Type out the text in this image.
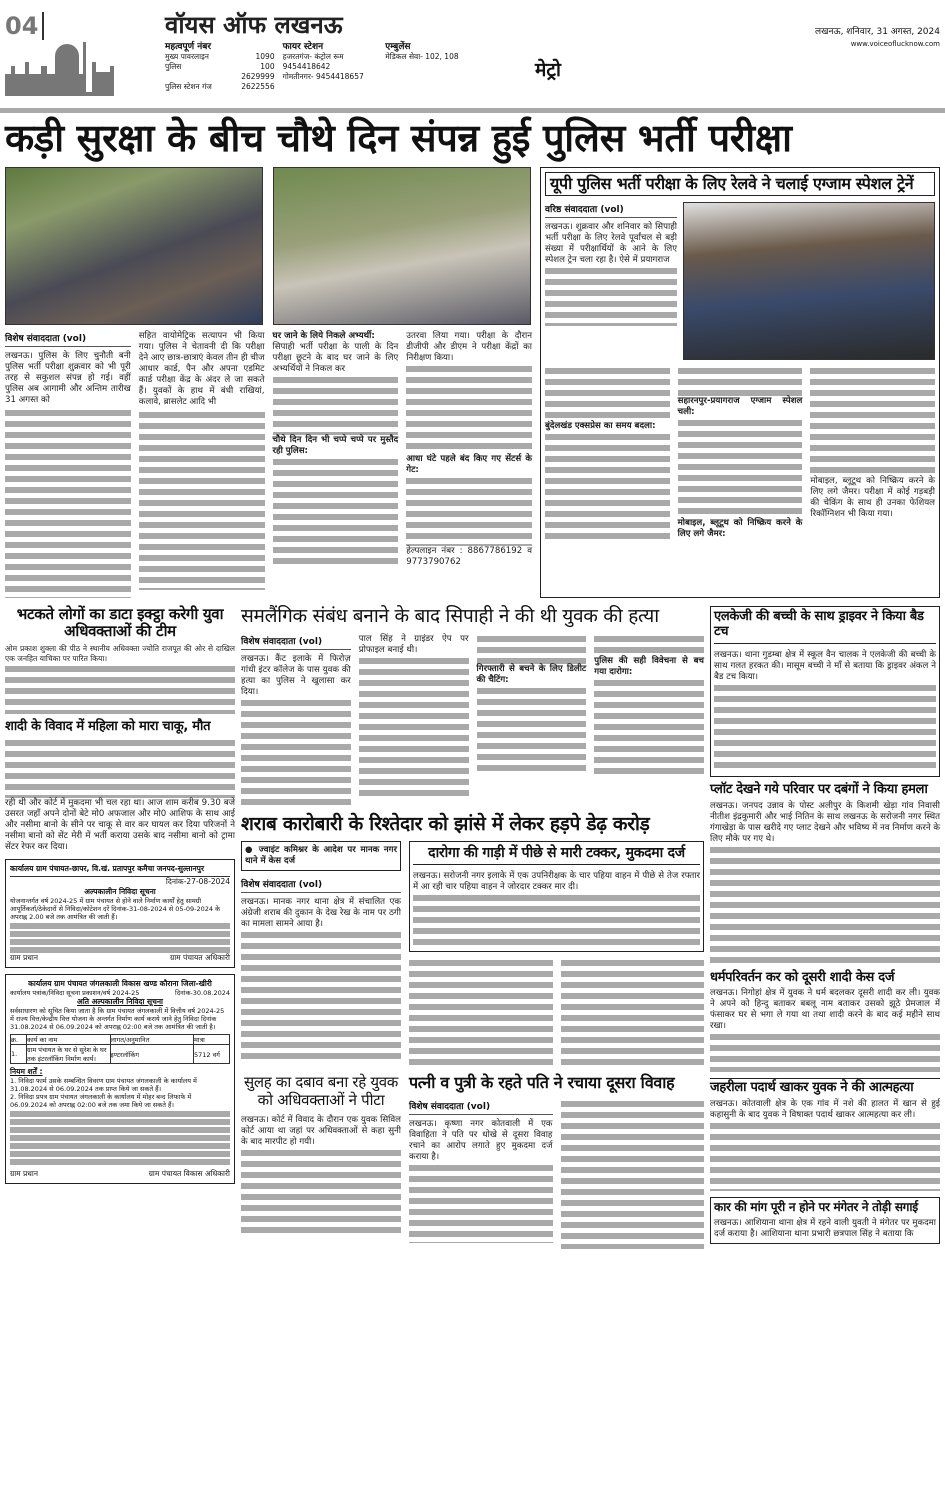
04	वॉयस ऑफ लखनऊ
महत्वपूर्ण नंबर
मुख्य पावरलाइन	1090
पुलिस	100
2629999
पुलिस स्टेशन गंज	2622556
फायर स्टेशन
हजरतगंज- कंट्रोल रूम
9454418642
गोमतीनगर- 9454418657
एम्बुलेंस
मेडिकल सेवा- 102, 108
मेट्रो
लखनऊ, शनिवार, 31 अगस्त, 2024
www.voiceoflucknow.com
कड़ी सुरक्षा के बीच चौथे दिन संपन्न हुई पुलिस भर्ती परीक्षा
विशेष संवाददाता (vol)
लखनऊ। पुलिस के लिए चुनौती बनी पुलिस भर्ती परीक्षा शुक्रवार को भी पूरी तरह से सकुशल संपन्न हो गई। वहीं पुलिस अब आगामी और अन्तिम तारीख 31 अगस्त को
सहित वायोमेट्रिक सत्यापन भी किया गया। पुलिस ने चेतावनी दी कि परीक्षा देने आए छात्र-छात्राएं केवल तीन ही चीज आधार कार्ड, पैन और अपना एडमिट कार्ड परीक्षा केंद्र के अंदर ले जा सकते हैं। युवकों के हाथ में बंधी राखियां, कलावे, ब्रासलेट आदि भी
घर जाने के लिये निकले अभ्यर्थी:
सिपाही भर्ती परीक्षा के पाली के दिन परीक्षा छूटने के बाद घर जाने के लिए अभ्यर्थियों ने निकल कर
चौथे दिन दिन भी चप्पे चप्पे पर मुस्तैद रही पुलिस:
उतरवा लिया गया। परीक्षा के दौरान डीजीपी और डीएम ने परीक्षा केंद्रों का निरीक्षण किया।
आधा घंटे पहले बंद किए गए सेंटर्स के गेट:
हेल्पलाइन नंबर : 8867786192 व 9773790762
यूपी पुलिस भर्ती परीक्षा के लिए रेलवे ने चलाई एग्जाम स्पेशल ट्रेनें
वरिष्ठ संवाददाता (vol)
लखनऊ। शुक्रवार और शनिवार को सिपाही भर्ती परीक्षा के लिए रेलवे पूर्वांचल से बड़ी संख्या में परीक्षार्थियों के आने के लिए स्पेशल ट्रेन चला रहा है। ऐसे में प्रयागराज
बुंदेलखंड एक्सप्रेस का समय बदला:
सहारनपुर-प्रयागराज एग्जाम स्पेशल चली:
मोबाइल, ब्लूटूथ को निष्क्रिय करने के लिए लगे जैमर:
मोबाइल, ब्लूटूथ को निष्क्रिय करने के लिए लगे जैमर। परीक्षा में कोई गड़बड़ी की चेकिंग के साथ ही उनका फेशियल रिकॉग्निशन भी किया गया।
भटकते लोगों का डाटा इक्ट्ठा करेगी युवा अधिवक्ताओं की टीम
ओम प्रकाश शुक्ला की पीठ ने स्थानीय अधिवक्ता ज्योति राजपूत की ओर से दाखिल एक जनहित याचिका पर पारित किया।
शादी के विवाद में महिला को मारा चाकू, मौत
रही थी और कोर्ट में मुकदमा भी चल रहा था। आज शाम करीब 9.30 बजे उसरत जहाँ अपने दोनों बेटे मो0 अफजाल और मो0 आशिफ के साथ आई और नसीमा बानो के सीने पर चाकू से वार कर घायल कर दिया परिजनों ने नसीमा बानो को सेंट मेरी में भर्ती कराया उसके बाद नसीमा बानो को ट्रामा सेंटर रेफर कर दिया।
कार्यालय ग्राम पंचायत-छापर, वि.खं. प्रतापपुर कमैचा जनपद-सुल्तानपुर
दिनांक-27-08-2024
अल्पकालीन निविदा सूचना
योजनान्तर्गत वर्ष 2024-25 में ग्राम पंचायत से होने वाले निर्माण कार्यों हेतु सामग्री आपूर्तिकर्ता/ठेकेदारों से निविदा/कोटेशन दरें दिनांक-31-08-2024 से 05-09-2024 के अपराह्न 2.00 बजे तक आमंत्रित की जाती हैं।
ग्राम प्रधान	ग्राम पंचायत अधिकारी
कार्यालय ग्राम पंचायत जंगलकाली विकास खण्ड कौराना जिला-खीरी
कार्यालय पत्रांक/निविदा सूचना प्रकाशन/वर्ष 2024-25	दिनांक-30.08.2024
अति अल्पकालीन निविदा सूचना
सर्वसाधारण को सूचित किया जाता है कि ग्राम पंचायत जंगलकाली में वित्तीय वर्ष 2024-25 में राज्य वित्त/केन्द्रीय वित्त योजना के अन्तर्गत निर्माण कार्य कराये जाने हेतु निविदा दिनांक 31.08.2024 से 06.09.2024 को अपराह्न 02:00 बजे तक आमंत्रित की जाती है।
क्र.	कार्य का नाम	लागत/अनुमानित	मात्रा
1.	ग्राम पंचायत के घर से सुरेश के घर तक इंटरलॉकिंग निर्माण कार्य।	इण्टरलॉकिंग	5712 वर्ग
नियम शर्तें :
1. निविदा फार्म उसके सम्बन्धित विवरण ग्राम पंचायत जंगलकाली के कार्यालय में 31.08.2024 से 06.09.2024 तक प्राप्त किये जा सकते हैं।
2. निविदा प्रपत्र ग्राम पंचायत जंगलकाली के कार्यालय में मोहर बन्द लिफाफे में 06.09.2024 को अपराह्न 02:00 बजे तक जमा किये जा सकते हैं।
ग्राम प्रधान	ग्राम पंचायत विकास अधिकारी
समलैंगिक संबंध बनाने के बाद सिपाही ने की थी युवक की हत्या
विशेष संवाददाता (vol)
लखनऊ। कैंट इलाके में फिरोज़ गांधी इंटर कॉलेज के पास युवक की हत्या का पुलिस ने खुलासा कर दिया।
पाल सिंह ने ग्राइंडर ऐप पर प्रोफाइल बनाई थी।
गिरफ्तारी से बचने के लिए डिलीट की चैटिंग:
पुलिस की सही विवेचना से बच गया दारोगा:
शराब कारोबारी के रिश्तेदार को झांसे में लेकर हड़पे डेढ़ करोड़
● ज्वाइंट कमिश्नर के आदेश पर मानक नगर थाने में केस दर्ज
विशेष संवाददाता (vol)
लखनऊ। मानक नगर थाना क्षेत्र में संचालित एक अंग्रेजी शराब की दुकान के देख रेख के नाम पर ठगी का मामला सामने आया है।
दारोगा की गाड़ी में पीछे से मारी टक्कर, मुकदमा दर्ज
लखनऊ। सरोजनी नगर इलाके में एक उपनिरीक्षक के चार पहिया वाहन में पीछे से तेज रफ्तार में आ रही चार पहिया वाहन ने जोरदार टक्कर मार दी।
सुलह का दबाव बना रहे युवक को अधिवक्ताओं ने पीटा
लखनऊ। कोर्ट में विवाद के दौरान एक युवक सिविल कोर्ट आया था जहां पर अधिवक्ताओं से कहा सुनी के बाद मारपीट हो गयी।
पत्नी व पुत्री के रहते पति ने रचाया दूसरा विवाह
विशेष संवाददाता (vol)
लखनऊ। कृष्णा नगर कोतवाली में एक विवाहिता ने पति पर धोखे से दूसरा विवाह रचाने का आरोप लगाते हुए मुकदमा दर्ज कराया है।
एलकेजी की बच्ची के साथ ड्राइवर ने किया बैड टच
लखनऊ। थाना गुडम्बा क्षेत्र में स्कूल वैन चालक ने एलकेजी की बच्ची के साथ गलत हरकत की। मासूम बच्ची ने माँ से बताया कि ड्राइवर अंकल ने बैड टच किया।
प्लॉट देखने गये परिवार पर दबंगों ने किया हमला
लखनऊ। जनपद उन्नाव के पोस्ट अलीपुर के किशमी खेड़ा गांव निवासी नीतीश इंद्रकुमारी और भाई नितिन के साथ लखनऊ के सरोजनी नगर स्थित गंगाखेड़ा के पास खरीदे गए प्लाट देखने और भविष्य में नव निर्माण करने के लिए मौके पर गए थे।
धर्मपरिवर्तन कर को दूसरी शादी केस दर्ज
लखनऊ। निगोहां क्षेत्र में युवक ने धर्म बदलकर दूसरी शादी कर ली। युवक ने अपने को हिन्दु बताकर बबलू नाम बताकर उसको झूठे प्रेमजाल में फंसाकर घर से भगा ले गया था तथा शादी करने के बाद कई महीने साथ रखा।
जहरीला पदार्थ खाकर युवक ने की आत्महत्या
लखनऊ। कोतवाली क्षेत्र के एक गांव में नशे की हालत में खान से हुई कहासुनी के बाद युवक ने विषाक्त पदार्थ खाकर आत्महत्या कर ली।
कार की मांग पूरी न होने पर मंगेतर ने तोड़ी सगाई
लखनऊ। आशियाना थाना क्षेत्र में रहने वाली युवती ने मंगेतर पर मुकदमा दर्ज कराया है। आशियाना थाना प्रभारी छत्रपाल सिंह ने बताया कि
